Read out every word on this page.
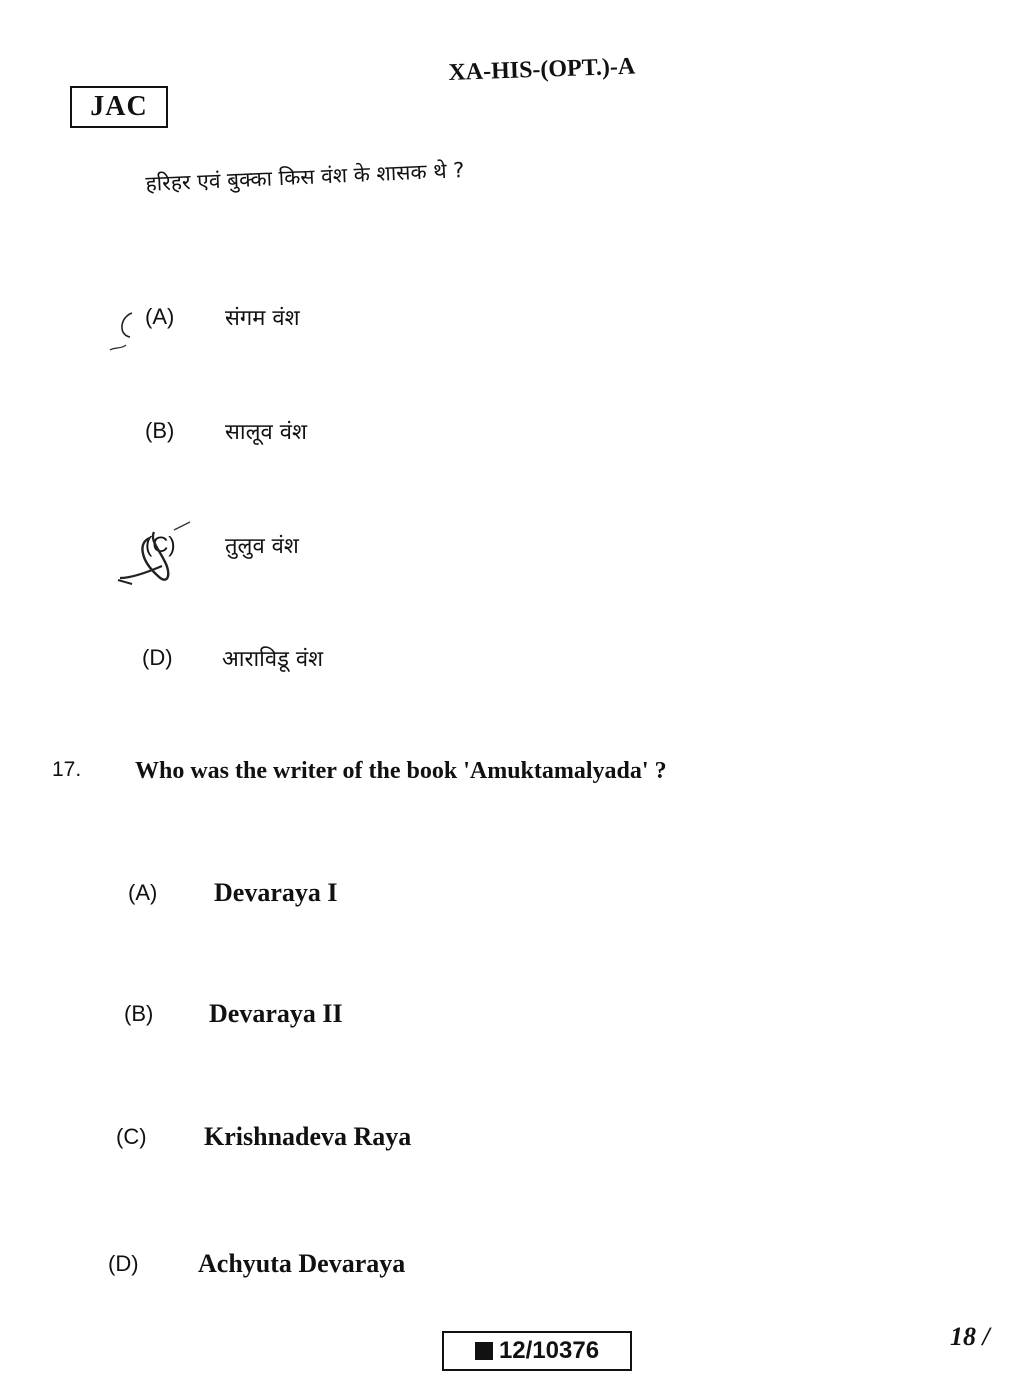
JAC
XA-HIS-(OPT.)-A
हरिहर एवं बुक्का किस वंश के शासक थे ?
(A) संगम वंश
(B) सालूव वंश
(C) तुलुव वंश
(D) आराविडू वंश
17. Who was the writer of the book 'Amuktamalyada' ?
(A) Devaraya I
(B) Devaraya II
(C) Krishnadeva Raya
(D) Achyuta Devaraya
12/10376	18 /
